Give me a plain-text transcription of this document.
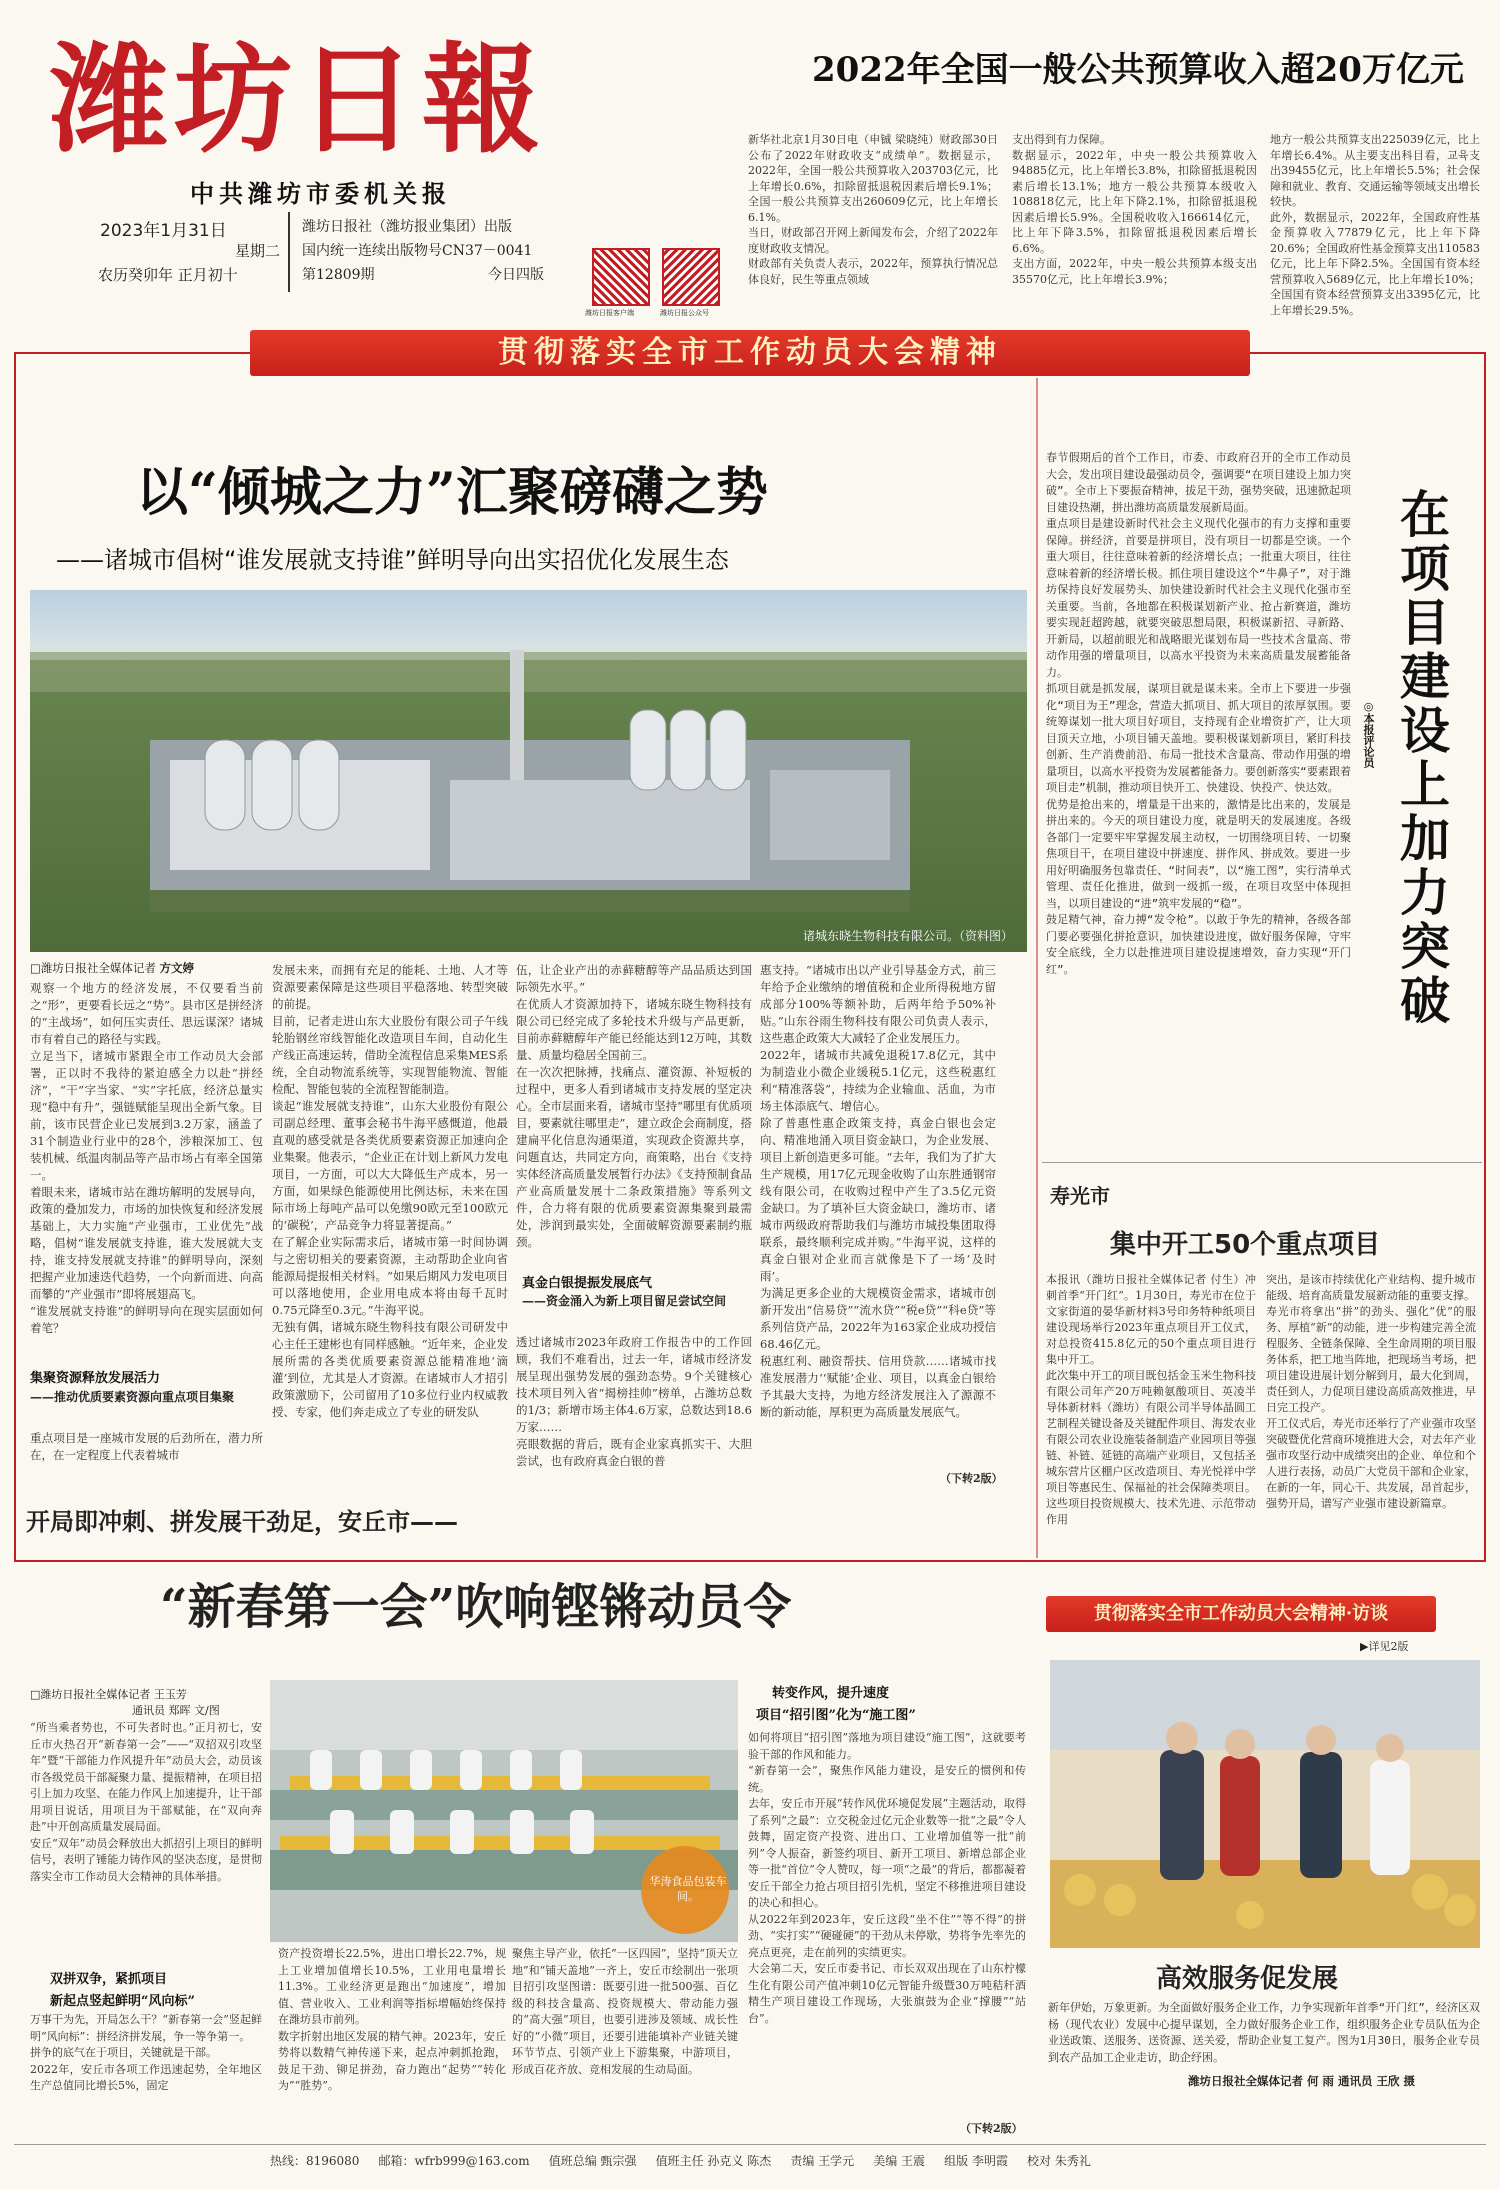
潍坊日報
中共潍坊市委机关报
2023年1月31日
星期二
农历癸卯年 正月初十
潍坊日报社（潍坊报业集团）出版
国内统一连续出版物号CN37－0041
第12809期	今日四版
潍坊日报客户端	潍坊日报公众号
2022年全国一般公共预算收入超20万亿元
新华社北京1月30日电（申铖 梁晓纯）财政部30日公布了2022年财政收支“成绩单”。数据显示，2022年，全国一般公共预算收入203703亿元，比上年增长0.6%，扣除留抵退税因素后增长9.1%；全国一般公共预算支出260609亿元，比上年增长6.1%。
当日，财政部召开网上新闻发布会，介绍了2022年度财政收支情况。
财政部有关负责人表示，2022年，预算执行情况总体良好，民生等重点领域
支出得到有力保障。
数据显示，2022年，中央一般公共预算收入94885亿元，比上年增长3.8%，扣除留抵退税因素后增长13.1%；地方一般公共预算本级收入108818亿元，比上年下降2.1%，扣除留抵退税因素后增长5.9%。全国税收收入166614亿元，比上年下降3.5%，扣除留抵退税因素后增长6.6%。
支出方面，2022年，中央一般公共预算本级支出35570亿元，比上年增长3.9%；
地方一般公共预算支出225039亿元，比上年增长6.4%。从主要支出科目看，교육支出39455亿元，比上年增长5.5%；社会保障和就业、教育、交通运输等领域支出增长较快。
此外，数据显示，2022年，全国政府性基金预算收入77879亿元，比上年下降20.6%；全国政府性基金预算支出110583亿元，比上年下降2.5%。全国国有资本经营预算收入5689亿元，比上年增长10%；全国国有资本经营预算支出3395亿元，比上年增长29.5%。
贯彻落实全市工作动员大会精神
以“倾城之力”汇聚磅礴之势
——诸城市倡树“谁发展就支持谁”鲜明导向出实招优化发展生态
诸城东晓生物科技有限公司。（资料图）
□潍坊日报社全媒体记者 方文婷
观察一个地方的经济发展，不仅要看当前之“形”，更要看长远之“势”。县市区是拼经济的“主战场”，如何压实责任、思远谋深？诸城市有着自己的路径与实践。
立足当下，诸城市紧跟全市工作动员大会部署，正以时不我待的紧迫感全力以赴“拼经济”，“干”字当家、“实”字托底，经济总量实现“稳中有升”，强链赋能呈现出全新气象。目前，该市民营企业已发展到3.2万家，涵盖了31个制造业行业中的28个，涉粮深加工、包装机械、纸温肉制品等产品市场占有率全国第一。
着眼未来，诸城市站在潍坊解明的发展导向，政策的叠加发力，市场的加快恢复和经济发展基础上，大力实施“产业强市，工业优先”战略，倡树“谁发展就支持谁，谁大发展就大支持，谁支持发展就支持谁”的鲜明导向，深刻把握产业加速迭代趋势，一个向新而进、向高而攀的“产业强市”即将展翅高飞。
“谁发展就支持谁”的鲜明导向在现实层面如何着笔？
集聚资源释放发展活力
——推动优质要素资源向重点项目集聚
重点项目是一座城市发展的后劲所在，潜力所在，在一定程度上代表着城市
发展未来，而拥有充足的能耗、土地、人才等资源要素保障是这些项目平稳落地、转型突破的前提。
目前，记者走进山东大业股份有限公司子午线轮胎钢丝帘线智能化改造项目车间，自动化生产线正高速运转，借助全流程信息采集MES系统，全自动物流系统等，实现智能物流、智能检配、智能包装的全流程智能制造。
谈起“谁发展就支持谁”，山东大业股份有限公司副总经理、董事会秘书牛海平感慨道，他最直观的感受就是各类优质要素资源正加速向企业集聚。他表示，“企业正在计划上新风力发电项目，一方面，可以大大降低生产成本，另一方面，如果绿色能源使用比例达标，未来在国际市场上每吨产品可以免缴90欧元至100欧元的‘碳税’，产品竞争力将显著提高。”
在了解企业实际需求后，诸城市第一时间协调与之密切相关的要素资源，主动帮助企业向省能源局提报相关材料。“如果后期风力发电项目可以落地使用，企业用电成本将由每千瓦时0.75元降至0.3元。”牛海平说。
无独有偶，诸城东晓生物科技有限公司研发中心主任王建彬也有同样感触。“近年来，企业发展所需的各类优质要素资源总能精准地‘滴灌’到位，尤其是人才资源。在诸城市人才招引政策激励下，公司留用了10多位行业内权威教授、专家，他们奔走成立了专业的研发队
伍，让企业产出的赤藓糖醇等产品品质达到国际领先水平。”
在优质人才资源加持下，诸城东晓生物科技有限公司已经完成了多轮技术升级与产品更新，目前赤藓糖醇年产能已经能达到12万吨，其数量、质量均稳居全国前三。
在一次次把脉搏，找痛点、灌资源、补短板的过程中，更多人看到诸城市支持发展的坚定决心。全市层面来看，诸城市坚持“哪里有优质项目，要素就往哪里走”，建立政企会商制度，搭建扁平化信息沟通渠道，实现政企资源共享，问题直达，共同定方向，商策略，出台《支持实体经济高质量发展暂行办法》《支持预制食品产业高质量发展十二条政策措施》等系列文件，合力将有限的优质要素资源集聚到最需处，涉润到最实处，全面破解资源要素制约瓶颈。
真金白银提振发展底气
——资金涌入为新上项目留足尝试空间
透过诸城市2023年政府工作报告中的工作回顾，我们不难看出，过去一年，诸城市经济发展呈现出强势发展的强劲态势。9个关键核心技术项目列入省“揭榜挂帅”榜单，占潍坊总数的1/3；新增市场主体4.6万家，总数达到18.6万家……
亮眼数据的背后，既有企业家真抓实干、大胆尝试，也有政府真金白银的普
惠支持。“诸城市出以产业引导基金方式，前三年给予企业缴纳的增值税和企业所得税地方留成部分100%等额补助，后两年给予50%补贴。”山东谷雨生物科技有限公司负责人表示，这些惠企政策大大减轻了企业发展压力。
2022年，诸城市共减免退税17.8亿元，其中为制造业小微企业缓税5.1亿元，这些税惠红利“精准落袋”，持续为企业输血、活血，为市场主体添底气、增信心。
除了普惠性惠企政策支持，真金白银也会定向、精准地涌入项目资金缺口，为企业发展、项目上新创造更多可能。“去年，我们为了扩大生产规模，用17亿元现金收购了山东胜通钢帘线有限公司，在收购过程中产生了3.5亿元资金缺口。为了填补巨大资金缺口，潍坊市、诸城市两级政府帮助我们与潍坊市城投集团取得联系，最终顺利完成并购。”牛海平说，这样的真金白银对企业而言就像是下了一场‘及时雨’。
为满足更多企业的大规模资金需求，诸城市创新开发出“信易贷”“流水贷”“税e贷”“科e贷”等系列信贷产品，2022年为163家企业成功授信68.46亿元。
税惠红利、融资帮扶、信用贷款……诸城市找准发展潜力‘‘赋能’企业、项目，以真金白银给予其最大支持，为地方经济发展注入了源源不断的新动能，厚积更为高质量发展底气。
（下转2版）
春节假期后的首个工作日，市委、市政府召开的全市工作动员大会，发出项目建设最强动员令，强调要“在项目建设上加力突破”。全市上下要振奋精神，拔足干劲，强势突破，迅速掀起项目建设热潮，拼出潍坊高质量发展新局面。
重点项目是建设新时代社会主义现代化强市的有力支撑和重要保障。拼经济，首要是拼项目，没有项目一切都是空谈。一个重大项目，往往意味着新的经济增长点；一批重大项目，往往意味着新的经济增长极。抓住项目建设这个“牛鼻子”，对于潍坊保持良好发展势头、加快建设新时代社会主义现代化强市至关重要。当前，各地都在积极谋划新产业、抢占新赛道，潍坊要实现赶超跨越，就要突破思想局限，积极谋新招、寻新路、开新局，以超前眼光和战略眼光谋划布局一些技术含量高、带动作用强的增量项目，以高水平投资为未来高质量发展蓄能备力。
抓项目就是抓发展，谋项目就是谋未来。全市上下要进一步强化“项目为王”理念，营造大抓项目、抓大项目的浓厚氛围。要统筹谋划一批大项目好项目，支持现有企业增资扩产，让大项目顶天立地，小项目铺天盖地。要积极谋划新项目，紧盯科技创新、生产消费前沿、布局一批技术含量高、带动作用强的增量项目，以高水平投资为发展蓄能备力。要创新落实“要素跟着项目走”机制，推动项目快开工、快建设、快投产、快达效。
优势是抢出来的，增量是干出来的，激情是比出来的，发展是拼出来的。今天的项目建设力度，就是明天的发展速度。各级各部门一定要牢牢掌握发展主动权，一切围绕项目转、一切聚焦项目干，在项目建设中拼速度、拼作风、拼成效。要进一步用好明确服务包靠责任、“时间表”，以“施工图”，实行清单式管理、责任化推进，做到一级抓一级，在项目攻坚中体现担当，以项目建设的“进”筑牢发展的“稳”。
鼓足精气神，奋力搏“发令枪”。以敢于争先的精神，各级各部门要必要强化拼抢意识，加快建设进度，做好服务保障，守牢安全底线，全力以赴推进项目建设提速增效，奋力实现“开门红”。	在项目建设上加力突破
◎本报评论员
寿光市
集中开工50个重点项目
本报讯（潍坊日报社全媒体记者 付生）冲刺首季“开门红”。1月30日，寿光市在位于文家街道的晏华新材料3号印务特种纸项目建设现场举行2023年重点项目开工仪式，对总投资415.8亿元的50个重点项目进行集中开工。
此次集中开工的项目既包括金玉米生物科技有限公司年产20万吨赖氨酸项目、英凌半导体新材料（潍坊）有限公司半导体晶圆工艺制程关键设备及关键配件项目、海发农业有限公司农业设施装备制造产业园项目等强链、补链、延链的高端产业项目，又包括圣城东营片区棚户区改造项目、寿光悦祥中学项目等惠民生、保福祉的社会保障类项目。这些项目投资规模大、技术先进、示范带动作用
突出，是该市持续优化产业结构、提升城市能级、培育高质量发展新动能的重要支撑。
寿光市将拿出“拼”的劲头、强化“优”的服务、厚植“新”的动能，进一步构建完善全流程服务、全链条保障、全生命周期的项目服务体系，把工地当阵地，把现场当考场，把项目建设进展计划分解到月，最大化到周，责任到人，力促项目建设高质高效推进，早日完工投产。
开工仪式后，寿光市还举行了产业强市攻坚突破暨优化营商环境推进大会，对去年产业强市攻坚行动中成绩突出的企业、单位和个人进行表扬，动员广大党员干部和企业家，在新的一年，同心干、共发展，昂首起步，强势开局，谱写产业强市建设新篇章。
贯彻落实全市工作动员大会精神·访谈
▶详见2版
高效服务促发展
新年伊始，万象更新。为全面做好服务企业工作，力争实现新年首季“开门红”，经济区双杨（现代农业）发展中心提早谋划，全力做好服务企业工作，组织服务企业专员队伍为企业送政策、送服务、送资源、送关爱，帮助企业复工复产。图为1月30日，服务企业专员到农产品加工企业走访，助企纾困。
潍坊日报社全媒体记者 何 雨 通讯员 王欣 摄
开局即冲刺、拼发展干劲足，安丘市——
“新春第一会”吹响铿锵动员令
□潍坊日报社全媒体记者 王玉芳
通讯员 郑晖 文/图
“所当乘者势也，不可失者时也。”正月初七，安丘市火热召开“新春第一会”——“双招双引攻坚年”暨“干部能力作风提升年”动员大会，动员该市各级党员干部凝聚力量、提振精神，在项目招引上加力攻坚、在能力作风上加速提升，让干部用项目说话，用项目为干部赋能，在“双向奔赴”中开创高质量发展局面。
安丘“双年”动员会释放出大抓招引上项目的鲜明信号，表明了锤能力铸作风的坚决态度，是贯彻落实全市工作动员大会精神的具体举措。
双拼双争，紧抓项目
新起点竖起鲜明“风向标”
万事干为先，开局怎么干？“新春第一会”竖起鲜明“风向标”：拼经济拼发展，争一等争第一。
拼争的底气在于项目，关键就是干部。
2022年，安丘市各项工作迅速起势，全年地区生产总值同比增长5%，固定
华涛食品包装车间。
资产投资增长22.5%，进出口增长22.7%，规上工业增加值增长10.5%，工业用电量增长11.3%。工业经济更是跑出“加速度”，增加值、营业收入、工业利润等指标增幅始终保持在潍坊县市前列。
数字折射出地区发展的精气神。2023年，安丘势将以数精气神传递下来，起点冲刺抓抢跑，鼓足干劲、铆足拼劲，奋力跑出“起势”“转化为”“胜势”。
聚焦主导产业，依托“一区四园”，坚持“顶天立地”和“铺天盖地”一齐上，安丘市绘制出一张项目招引攻坚图谱：既要引进一批500强、百亿级的科技含量高、投资规模大、带动能力强的“高大强”项目，也要引进涉及领域、成长性好的“小微”项目，还要引进能填补产业链关键环节节点、引领产业上下游集聚，中游项目，形成百花齐放、竞相发展的生动局面。
转变作风，提升速度
项目“招引图”化为“施工图”
如何将项目“招引图”落地为项目建设“施工图”，这就要考验干部的作风和能力。
“新春第一会”，聚焦作风能力建设，是安丘的惯例和传统。
去年，安丘市开展“转作风优环境促发展”主题活动，取得了系列“之最”：立交税金过亿元企业数等一批“之最”令人鼓舞，固定资产投资、进出口、工业增加值等一批“前列”令人振奋，新签约项目、新开工项目、新增总部企业等一批“首位”令人赞叹，每一项“之最”的背后，都都凝着安丘干部全力抢占项目招引先机，坚定不移推进项目建设的决心和担心。
从2022年到2023年，安丘这段“坐不住”“等不得”的拼劲、“实打实”“硬碰硬”的干劲从未停歇，势将争先率先的亮点更亮，走在前列的实绩更实。
大会第二天，安丘市委书记、市长双双出现在了山东柠檬生化有限公司产值冲刺10亿元智能升级暨30万吨秸秆酒精生产项目建设工作现场，大张旗鼓为企业“撑腰”“站台”。
（下转2版）
热线：8196080 邮箱：wfrb999@163.com 值班总编 甄宗强 值班主任 孙克义 陈杰 责编 王学元 美编 王震 组版 李明霞 校对 朱秀礼
